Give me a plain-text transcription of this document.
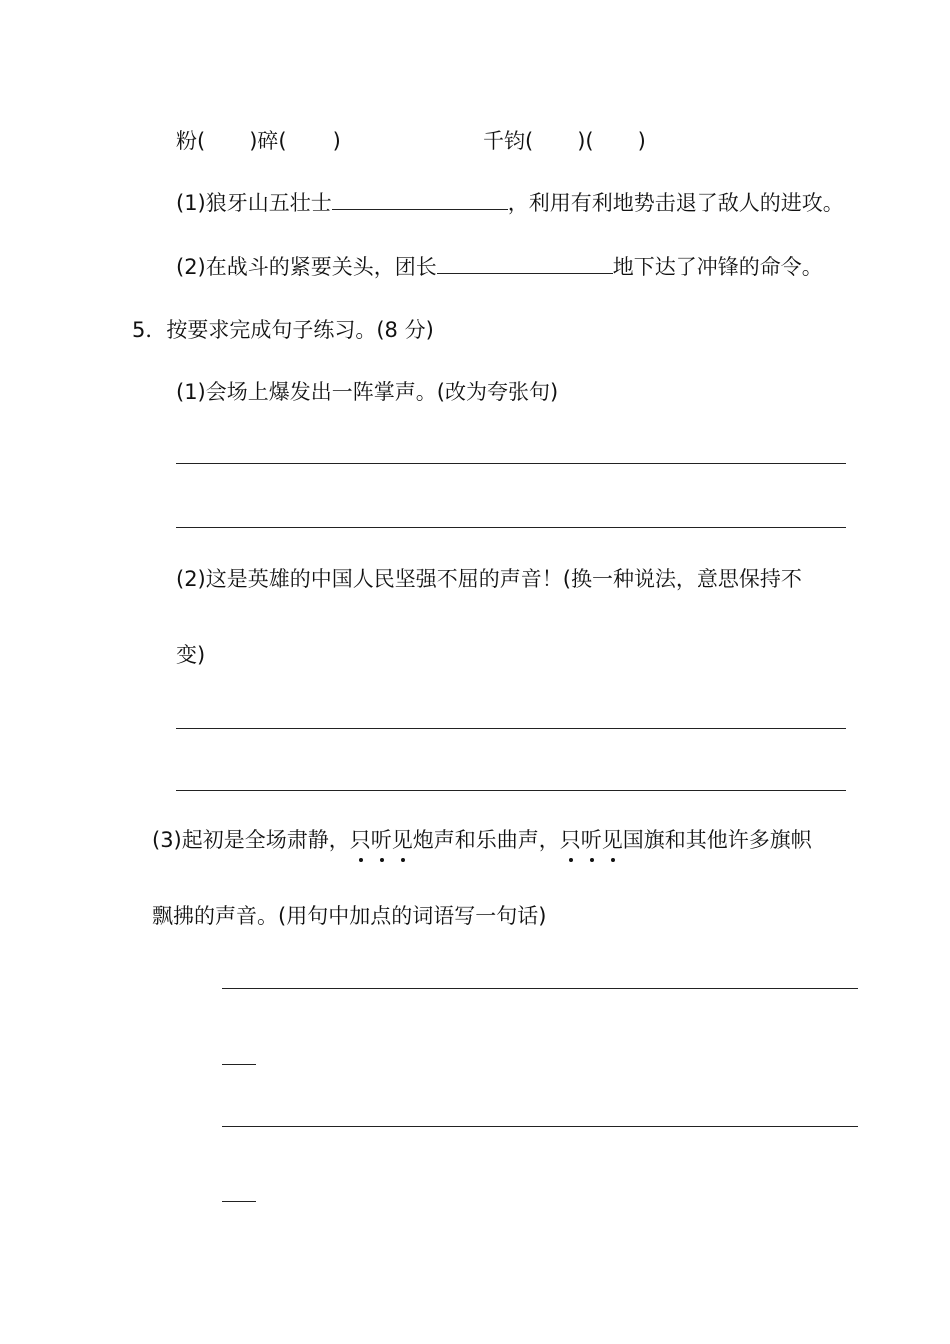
粉( )碎( )	千钧( )( )
(1)狼牙山五壮士	，利用有利地势击退了敌人的进攻。
(2)在战斗的紧要关头，团长	地下达了冲锋的命令。
5．按要求完成句子练习。(8 分)
(1)会场上爆发出一阵掌声。(改为夸张句)
(2)这是英雄的中国人民坚强不屈的声音！(换一种说法，意思保持不
变)
(3)起初是全场肃静，只听见
炮声和乐曲声，只听见
国旗和其他许多旗帜
飘拂的声音。(用句中加点的词语写一句话)
